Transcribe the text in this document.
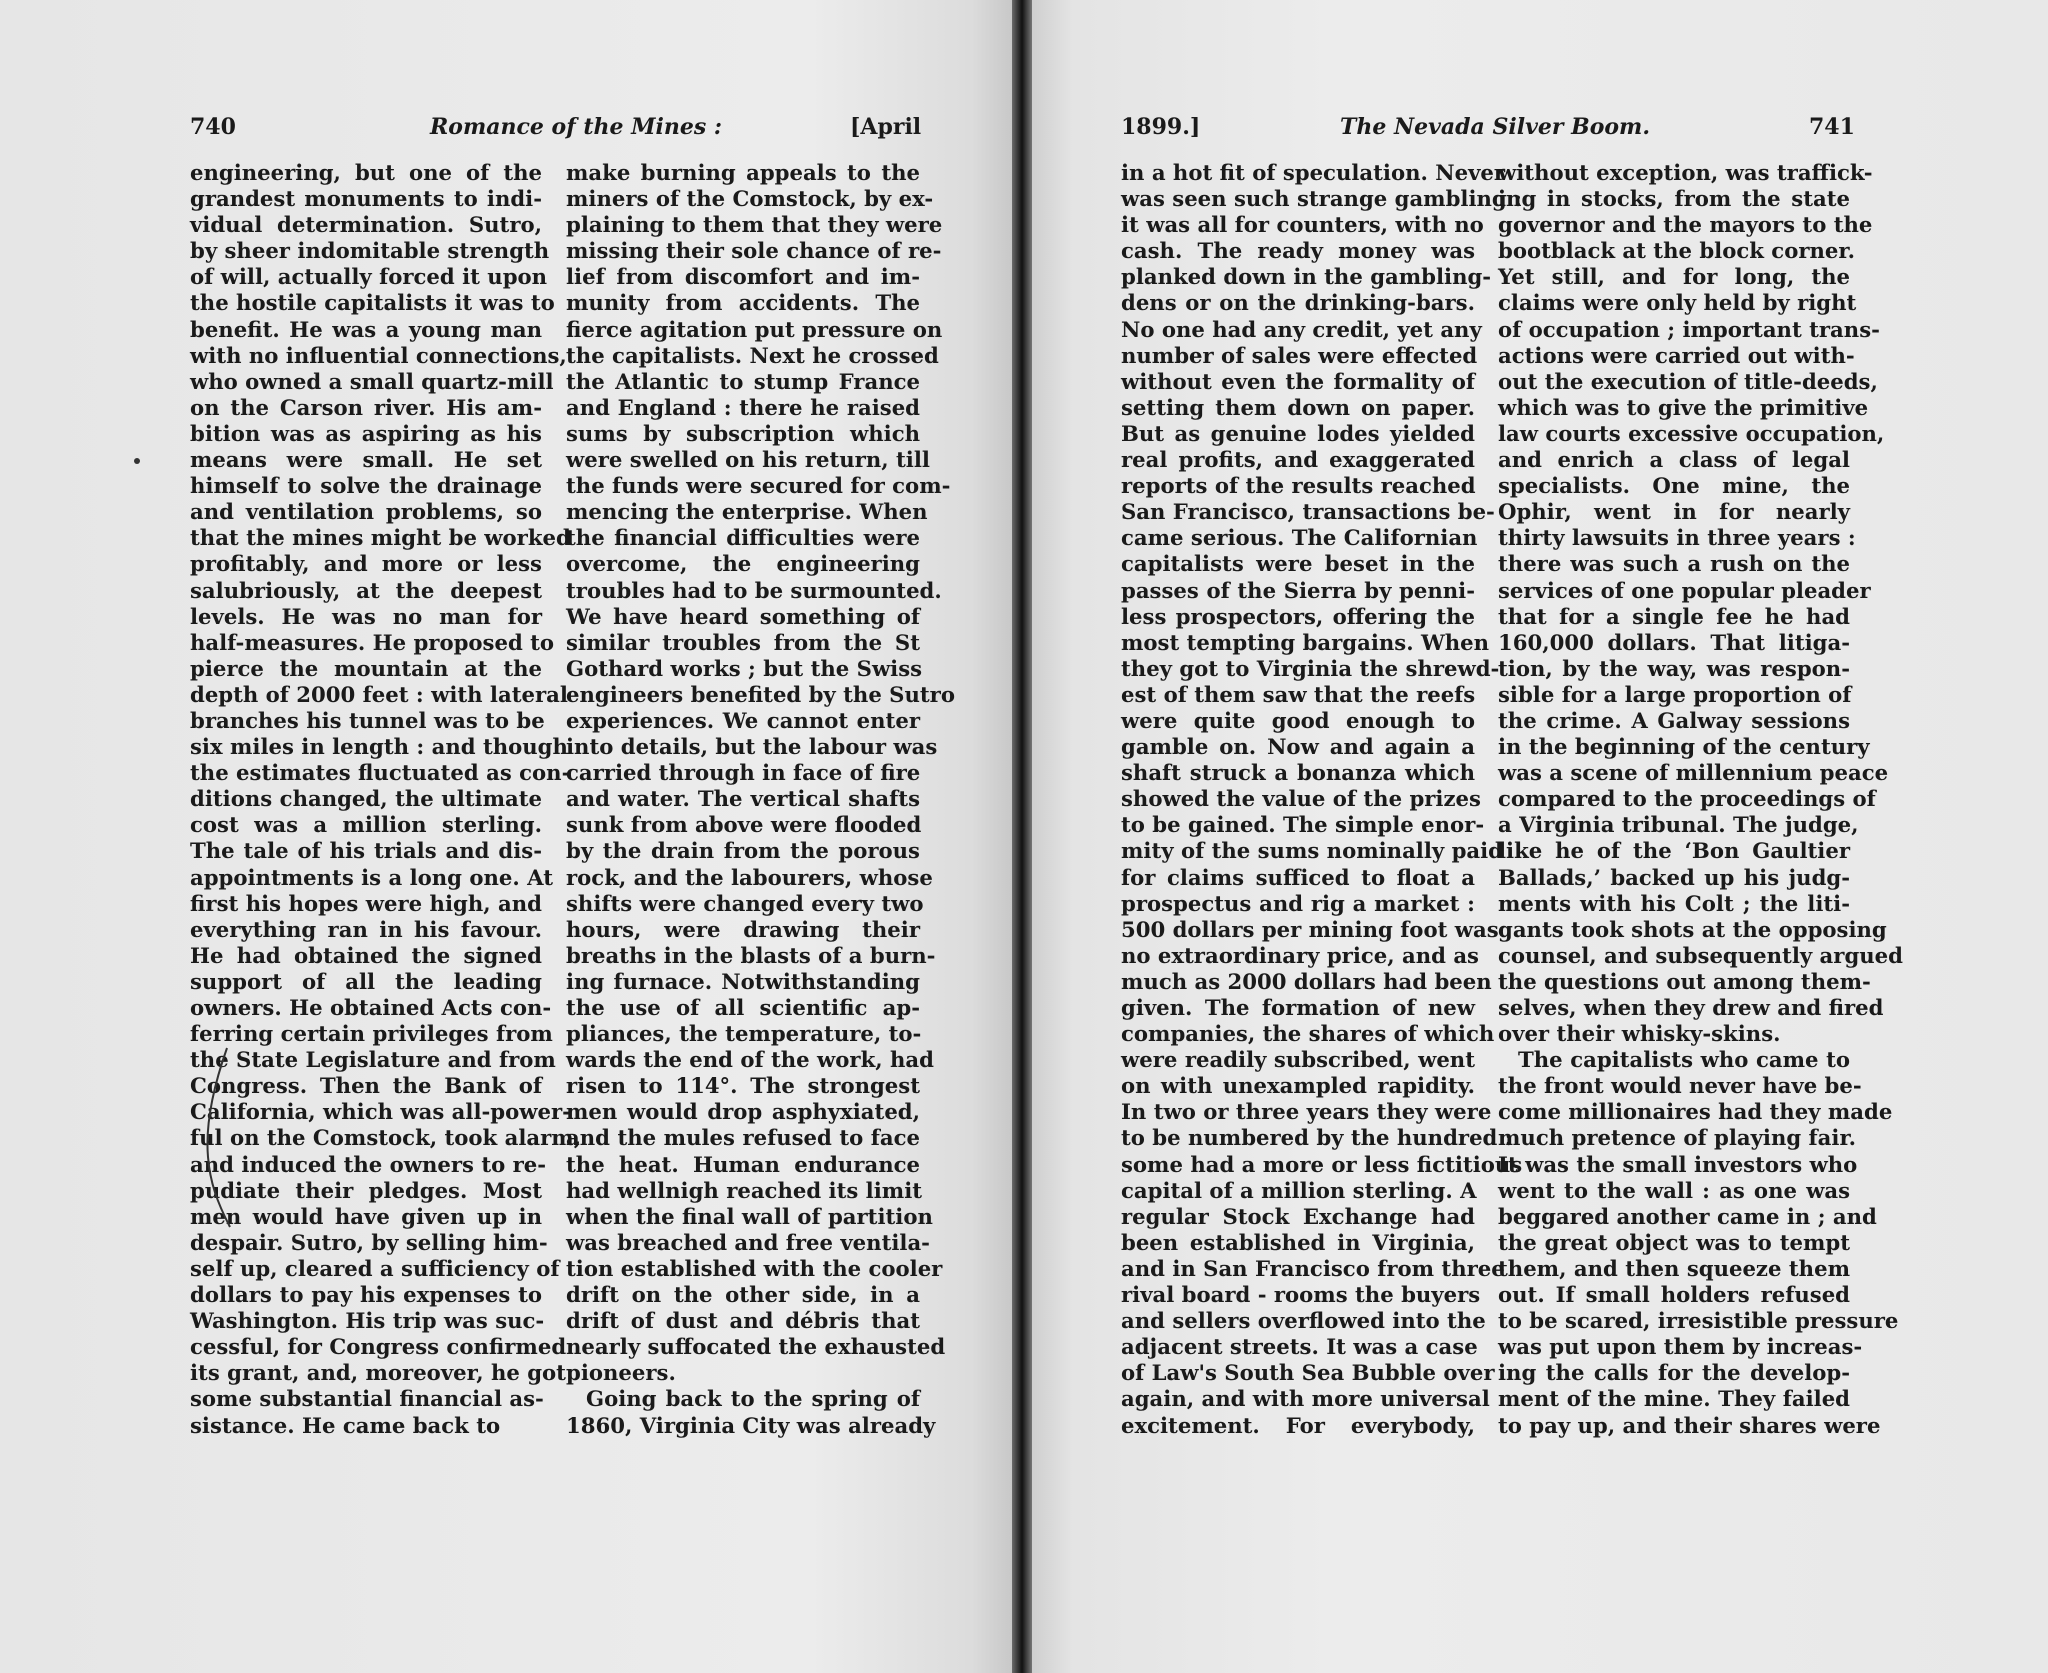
740	Romance of the Mines :	[April
engineering, but one of the
grandest monuments to indi-
vidual determination. Sutro,
by sheer indomitable strength
of will, actually forced it upon
the hostile capitalists it was to
benefit. He was a young man
with no influential connections,
who owned a small quartz-mill
on the Carson river. His am-
bition was as aspiring as his
means were small. He set
himself to solve the drainage
and ventilation problems, so
that the mines might be worked
profitably, and more or less
salubriously, at the deepest
levels. He was no man for
half-measures. He proposed to
pierce the mountain at the
depth of 2000 feet : with lateral
branches his tunnel was to be
six miles in length : and though
the estimates fluctuated as con-
ditions changed, the ultimate
cost was a million sterling.
The tale of his trials and dis-
appointments is a long one. At
first his hopes were high, and
everything ran in his favour.
He had obtained the signed
support of all the leading
owners. He obtained Acts con-
ferring certain privileges from
the State Legislature and from
Congress. Then the Bank of
California, which was all-power-
ful on the Comstock, took alarm,
and induced the owners to re-
pudiate their pledges. Most
men would have given up in
despair. Sutro, by selling him-
self up, cleared a sufficiency of
dollars to pay his expenses to
Washington. His trip was suc-
cessful, for Congress confirmed
its grant, and, moreover, he got
some substantial financial as-
sistance. He came back to
make burning appeals to the
miners of the Comstock, by ex-
plaining to them that they were
missing their sole chance of re-
lief from discomfort and im-
munity from accidents. The
fierce agitation put pressure on
the capitalists. Next he crossed
the Atlantic to stump France
and England : there he raised
sums by subscription which
were swelled on his return, till
the funds were secured for com-
mencing the enterprise. When
the financial difficulties were
overcome, the engineering
troubles had to be surmounted.
We have heard something of
similar troubles from the St
Gothard works ; but the Swiss
engineers benefited by the Sutro
experiences. We cannot enter
into details, but the labour was
carried through in face of fire
and water. The vertical shafts
sunk from above were flooded
by the drain from the porous
rock, and the labourers, whose
shifts were changed every two
hours, were drawing their
breaths in the blasts of a burn-
ing furnace. Notwithstanding
the use of all scientific ap-
pliances, the temperature, to-
wards the end of the work, had
risen to 114°. The strongest
men would drop asphyxiated,
and the mules refused to face
the heat. Human endurance
had wellnigh reached its limit
when the final wall of partition
was breached and free ventila-
tion established with the cooler
drift on the other side, in a
drift of dust and débris that
nearly suffocated the exhausted
pioneers.
Going back to the spring of
1860, Virginia City was already
1899.]	The Nevada Silver Boom.	741
in a hot fit of speculation. Never
was seen such strange gambling :
it was all for counters, with no
cash. The ready money was
planked down in the gambling-
dens or on the drinking-bars.
No one had any credit, yet any
number of sales were effected
without even the formality of
setting them down on paper.
But as genuine lodes yielded
real profits, and exaggerated
reports of the results reached
San Francisco, transactions be-
came serious. The Californian
capitalists were beset in the
passes of the Sierra by penni-
less prospectors, offering the
most tempting bargains. When
they got to Virginia the shrewd-
est of them saw that the reefs
were quite good enough to
gamble on. Now and again a
shaft struck a bonanza which
showed the value of the prizes
to be gained. The simple enor-
mity of the sums nominally paid
for claims sufficed to float a
prospectus and rig a market :
500 dollars per mining foot was
no extraordinary price, and as
much as 2000 dollars had been
given. The formation of new
companies, the shares of which
were readily subscribed, went
on with unexampled rapidity.
In two or three years they were
to be numbered by the hundred :
some had a more or less fictitious
capital of a million sterling. A
regular Stock Exchange had
been established in Virginia,
and in San Francisco from three
rival board - rooms the buyers
and sellers overflowed into the
adjacent streets. It was a case
of Law's South Sea Bubble over
again, and with more universal
excitement. For everybody,
without exception, was traffick-
ing in stocks, from the state
governor and the mayors to the
bootblack at the block corner.
Yet still, and for long, the
claims were only held by right
of occupation ; important trans-
actions were carried out with-
out the execution of title-deeds,
which was to give the primitive
law courts excessive occupation,
and enrich a class of legal
specialists. One mine, the
Ophir, went in for nearly
thirty lawsuits in three years :
there was such a rush on the
services of one popular pleader
that for a single fee he had
160,000 dollars. That litiga-
tion, by the way, was respon-
sible for a large proportion of
the crime. A Galway sessions
in the beginning of the century
was a scene of millennium peace
compared to the proceedings of
a Virginia tribunal. The judge,
like he of the ‘Bon Gaultier
Ballads,’ backed up his judg-
ments with his Colt ; the liti-
gants took shots at the opposing
counsel, and subsequently argued
the questions out among them-
selves, when they drew and fired
over their whisky-skins.
The capitalists who came to
the front would never have be-
come millionaires had they made
much pretence of playing fair.
It was the small investors who
went to the wall : as one was
beggared another came in ; and
the great object was to tempt
them, and then squeeze them
out. If small holders refused
to be scared, irresistible pressure
was put upon them by increas-
ing the calls for the develop-
ment of the mine. They failed
to pay up, and their shares were
